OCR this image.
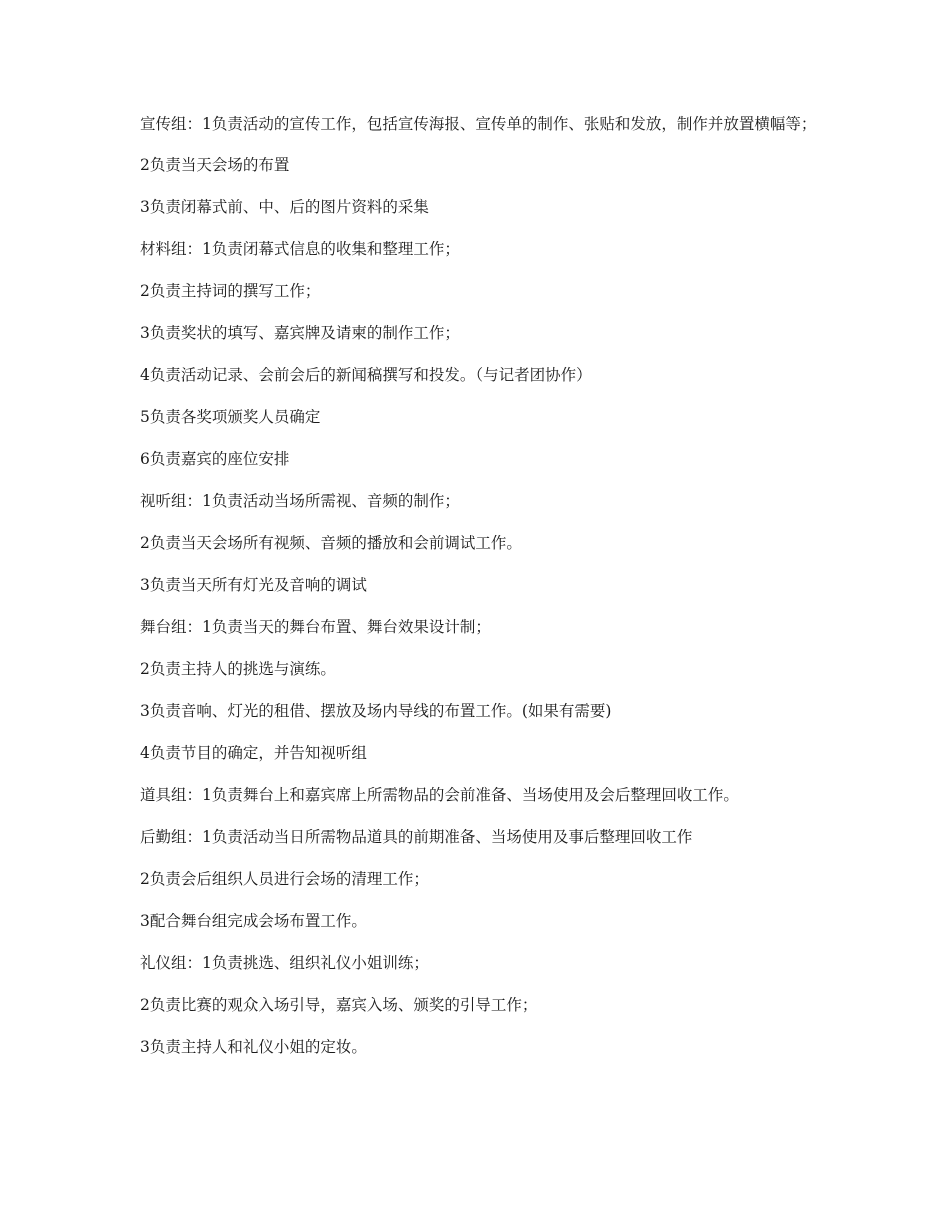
宣传组：1负责活动的宣传工作，包括宣传海报、宣传单的制作、张贴和发放，制作并放置横幅等；

2负责当天会场的布置

3负责闭幕式前、中、后的图片资料的采集

材料组：1负责闭幕式信息的收集和整理工作；

2负责主持词的撰写工作；

3负责奖状的填写、嘉宾牌及请柬的制作工作；

4负责活动记录、会前会后的新闻稿撰写和投发。（与记者团协作）

5负责各奖项颁奖人员确定

6负责嘉宾的座位安排

视听组：1负责活动当场所需视、音频的制作；

2负责当天会场所有视频、音频的播放和会前调试工作。

3负责当天所有灯光及音响的调试

舞台组：1负责当天的舞台布置、舞台效果设计制；

2负责主持人的挑选与演练。

3负责音响、灯光的租借、摆放及场内导线的布置工作。(如果有需要)

4负责节目的确定，并告知视听组

道具组：1负责舞台上和嘉宾席上所需物品的会前准备、当场使用及会后整理回收工作。

后勤组：1负责活动当日所需物品道具的前期准备、当场使用及事后整理回收工作

2负责会后组织人员进行会场的清理工作；

3配合舞台组完成会场布置工作。

礼仪组：1负责挑选、组织礼仪小姐训练；

2负责比赛的观众入场引导，嘉宾入场、颁奖的引导工作；

3负责主持人和礼仪小姐的定妆。
